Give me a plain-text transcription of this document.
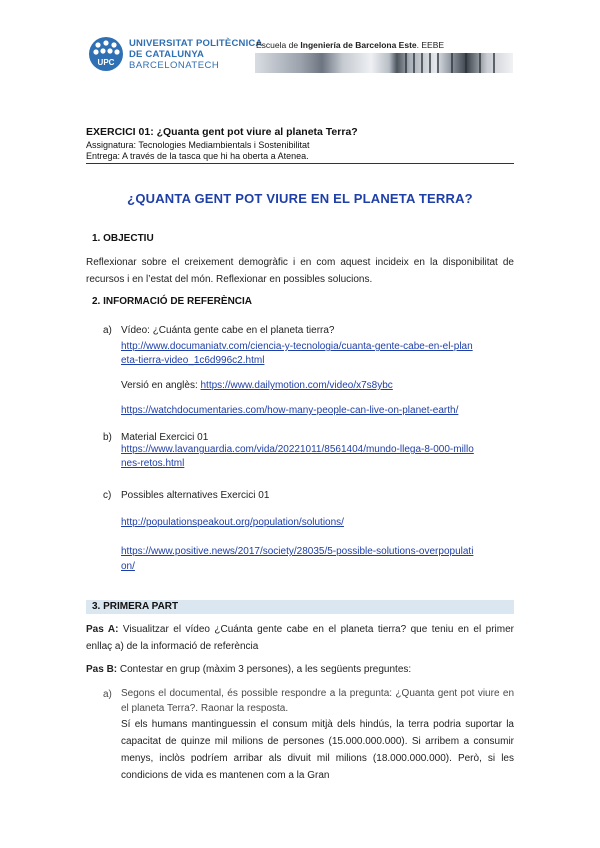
UPC
UNIVERSITAT POLITÈCNICA
DE CATALUNYA
BARCELONATECH
Escuela de Ingeniería de Barcelona Este. EEBE
EXERCICI 01: ¿Quanta gent pot viure al planeta Terra?
Assignatura: Tecnologies Mediambientals i Sostenibilitat
Entrega: A través de la tasca que hi ha oberta a Atenea.
¿QUANTA GENT POT VIURE EN EL PLANETA TERRA?
1. OBJECTIU
Reflexionar sobre el creixement demogràfic i en com aquest incideix en la disponibilitat de recursos i en l’estat del món. Reflexionar en possibles solucions.
2. INFORMACIÓ DE REFERÈNCIA
a) Vídeo: ¿Cuánta gente cabe en el planeta tierra?
http://www.documaniatv.com/ciencia-y-tecnologia/cuanta-gente-cabe-en-el-plan
eta-tierra-video_1c6d996c2.html
Versió en anglès: https://www.dailymotion.com/video/x7s8ybc
https://watchdocumentaries.com/how-many-people-can-live-on-planet-earth/
b) Material Exercici 01
https://www.lavanguardia.com/vida/20221011/8561404/mundo-llega-8-000-millo
nes-retos.html
c) Possibles alternatives Exercici 01
http://populationspeakout.org/population/solutions/
https://www.positive.news/2017/society/28035/5-possible-solutions-overpopulati
on/
3. PRIMERA PART
Pas A: Visualitzar el vídeo ¿Cuánta gente cabe en el planeta tierra? que teniu en el primer enllaç a) de la informació de referència
Pas B: Contestar en grup (màxim 3 persones), a les següents preguntes:
a) Segons el documental, és possible respondre a la pregunta: ¿Quanta gent pot viure en el planeta Terra?. Raonar la resposta.
Sí els humans mantinguessin el consum mitjà dels hindús, la terra podria suportar la capacitat de quinze mil milions de persones (15.000.000.000). Si arribem a consumir menys, inclòs podríem arribar als divuit mil milions (18.000.000.000). Però, si les condicions de vida es mantenen com a la Gran
